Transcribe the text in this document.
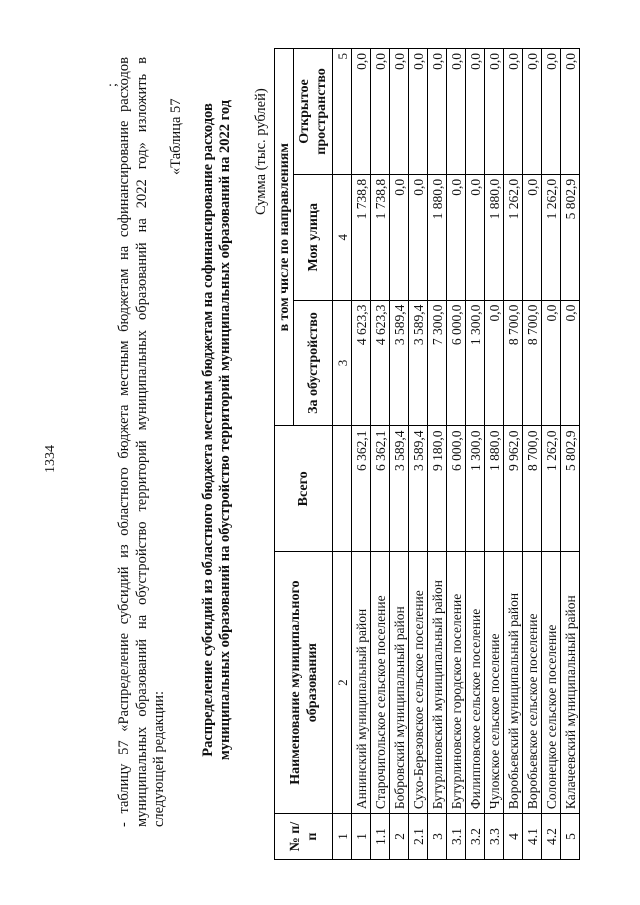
1334
;
- таблицу 57 «Распределение субсидий из областного бюджета местным бюджетам на софинансирование расходов муниципальных образований на обустройство территорий муниципальных образований на 2022 год» изложить в следующей редакции:
«Таблица 57 Распределение субсидий из областного бюджета местным бюджетам на софинансирование расходов муниципальных образований на обустройство территорий муниципальных образований на 2022 год Сумма (тыс. рублей)
№ п/п	Наименование муниципального образования	Всего	в том числе по направлениям		
			За обустройство	Моя улица	Открытое пространство
1	2		3	4	5
1	Аннинский муниципальный район	6 362,1	4 623,3	1 738,8	0,0
1.1	Старочигольское сельское поселение	6 362,1	4 623,3	1 738,8	0,0
2	Бобровский муниципальный район	3 589,4	3 589,4	0,0	0,0
2.1	Сухо-Березовское сельское поселение	3 589,4	3 589,4	0,0	0,0
3	Бутурлиновский муниципальный район	9 180,0	7 300,0	1 880,0	0,0
3.1	Бутурлиновское городское поселение	6 000,0	6 000,0	0,0	0,0
3.2	Филипповское сельское поселение	1 300,0	1 300,0	0,0	0,0
3.3	Чулокское сельское поселение	1 880,0	0,0	1 880,0	0,0
4	Воробьевский муниципальный район	9 962,0	8 700,0	1 262,0	0,0
4.1	Воробьевское сельское поселение	8 700,0	8 700,0	0,0	0,0
4.2	Солонецкое сельское поселение	1 262,0	0,0	1 262,0	0,0
5	Калачеевский муниципальный район	5 802,9	0,0	5 802,9	0,0
